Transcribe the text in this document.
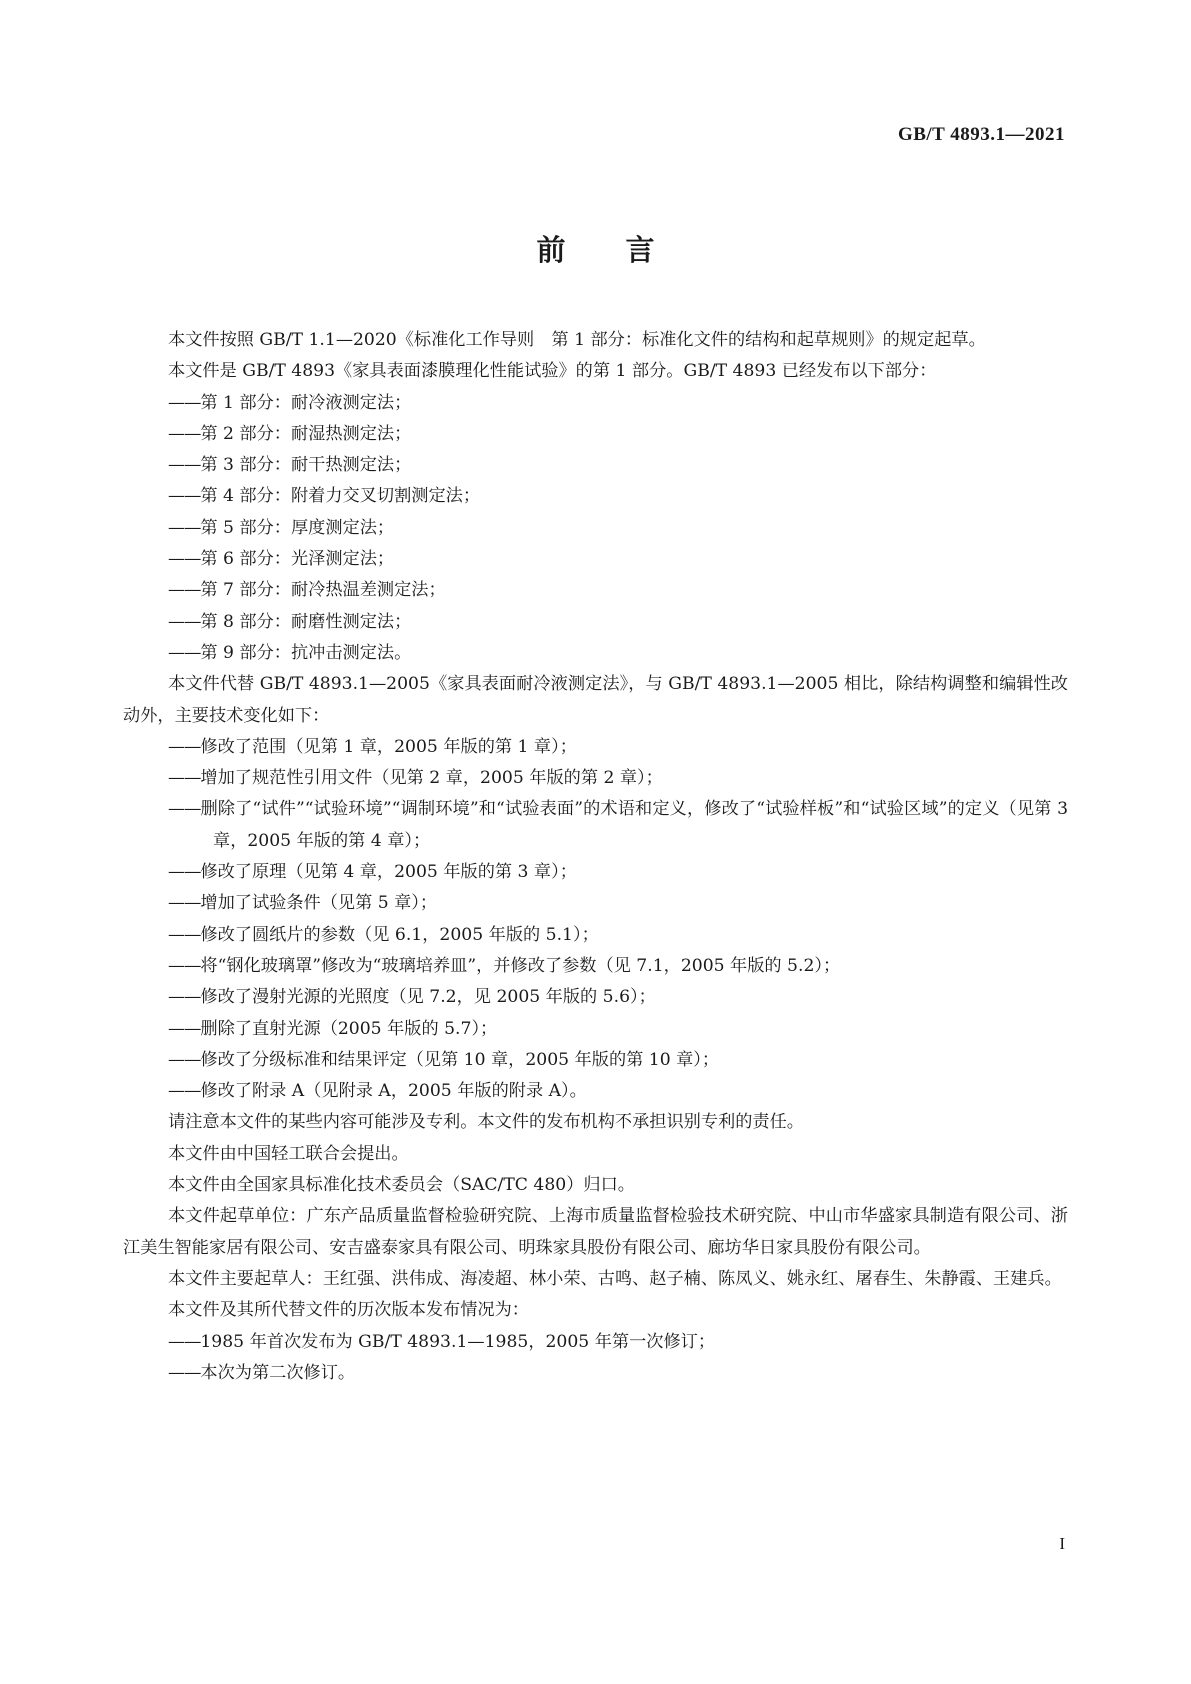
GB/T 4893.1—2021
前言

本文件按照 GB/T 1.1—2020《标准化工作导则　第 1 部分：标准化文件的结构和起草规则》的规定起草。

本文件是 GB/T 4893《家具表面漆膜理化性能试验》的第 1 部分。GB/T 4893 已经发布以下部分：

——第 1 部分：耐冷液测定法；

——第 2 部分：耐湿热测定法；

——第 3 部分：耐干热测定法；

——第 4 部分：附着力交叉切割测定法；

——第 5 部分：厚度测定法；

——第 6 部分：光泽测定法；

——第 7 部分：耐冷热温差测定法；

——第 8 部分：耐磨性测定法；

——第 9 部分：抗冲击测定法。

本文件代替 GB/T 4893.1—2005《家具表面耐冷液测定法》，与 GB/T 4893.1—2005 相比，除结构调整和编辑性改动外，主要技术变化如下：

——修改了范围（见第 1 章，2005 年版的第 1 章）；

——增加了规范性引用文件（见第 2 章，2005 年版的第 2 章）；

——删除了“试件”“试验环境”“调制环境”和“试验表面”的术语和定义，修改了“试验样板”和“试验区域”的定义（见第 3 章，2005 年版的第 4 章）；

——修改了原理（见第 4 章，2005 年版的第 3 章）；

——增加了试验条件（见第 5 章）；

——修改了圆纸片的参数（见 6.1，2005 年版的 5.1）；

——将“钢化玻璃罩”修改为“玻璃培养皿”，并修改了参数（见 7.1，2005 年版的 5.2）；

——修改了漫射光源的光照度（见 7.2，见 2005 年版的 5.6）；

——删除了直射光源（2005 年版的 5.7）；

——修改了分级标准和结果评定（见第 10 章，2005 年版的第 10 章）；

——修改了附录 A（见附录 A，2005 年版的附录 A）。

请注意本文件的某些内容可能涉及专利。本文件的发布机构不承担识别专利的责任。

本文件由中国轻工联合会提出。

本文件由全国家具标准化技术委员会（SAC/TC 480）归口。

本文件起草单位：广东产品质量监督检验研究院、上海市质量监督检验技术研究院、中山市华盛家具制造有限公司、浙江美生智能家居有限公司、安吉盛泰家具有限公司、明珠家具股份有限公司、廊坊华日家具股份有限公司。

本文件主要起草人：王红强、洪伟成、海凌超、林小荣、古鸣、赵子楠、陈凤义、姚永红、屠春生、朱静霞、王建兵。

本文件及其所代替文件的历次版本发布情况为：

——1985 年首次发布为 GB/T 4893.1—1985，2005 年第一次修订；

——本次为第二次修订。

I
